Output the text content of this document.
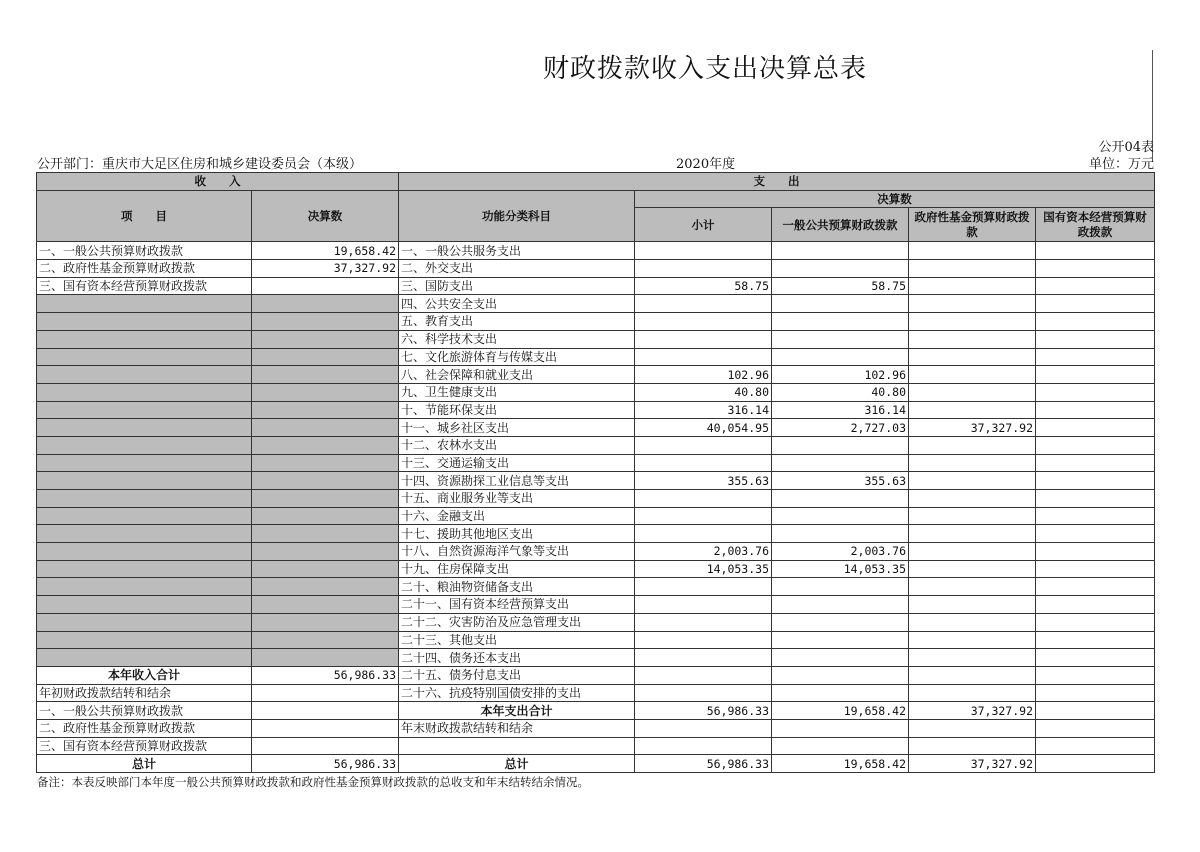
财政拨款收入支出决算总表
公开04表
公开部门：重庆市大足区住房和城乡建设委员会（本级）	2020年度	单位：万元
收　　入		支　　出				
项　　目	决算数	功能分类科目	决算数			
			小计	一般公共预算财政拨款	政府性基金预算财政拨款	国有资本经营预算财政拨款
一、一般公共预算财政拨款	19,658.42	一、一般公共服务支出				
二、政府性基金预算财政拨款	37,327.92	二、外交支出				
三、国有资本经营预算财政拨款		三、国防支出	58.75	58.75		
		四、公共安全支出				
		五、教育支出				
		六、科学技术支出				
		七、文化旅游体育与传媒支出				
		八、社会保障和就业支出	102.96	102.96		
		九、卫生健康支出	40.80	40.80		
		十、节能环保支出	316.14	316.14		
		十一、城乡社区支出	40,054.95	2,727.03	37,327.92	
		十二、农林水支出				
		十三、交通运输支出				
		十四、资源勘探工业信息等支出	355.63	355.63		
		十五、商业服务业等支出				
		十六、金融支出				
		十七、援助其他地区支出				
		十八、自然资源海洋气象等支出	2,003.76	2,003.76		
		十九、住房保障支出	14,053.35	14,053.35		
		二十、粮油物资储备支出				
		二十一、国有资本经营预算支出				
		二十二、灾害防治及应急管理支出				
		二十三、其他支出				
		二十四、债务还本支出				
本年收入合计	56,986.33	二十五、债务付息支出				
年初财政拨款结转和结余		二十六、抗疫特别国债安排的支出				
一、一般公共预算财政拨款		本年支出合计	56,986.33	19,658.42	37,327.92	
二、政府性基金预算财政拨款		年末财政拨款结转和结余				
三、国有资本经营预算财政拨款						
总计	56,986.33	总计	56,986.33	19,658.42	37,327.92	
备注：本表反映部门本年度一般公共预算财政拨款和政府性基金预算财政拨款的总收支和年末结转结余情况。
